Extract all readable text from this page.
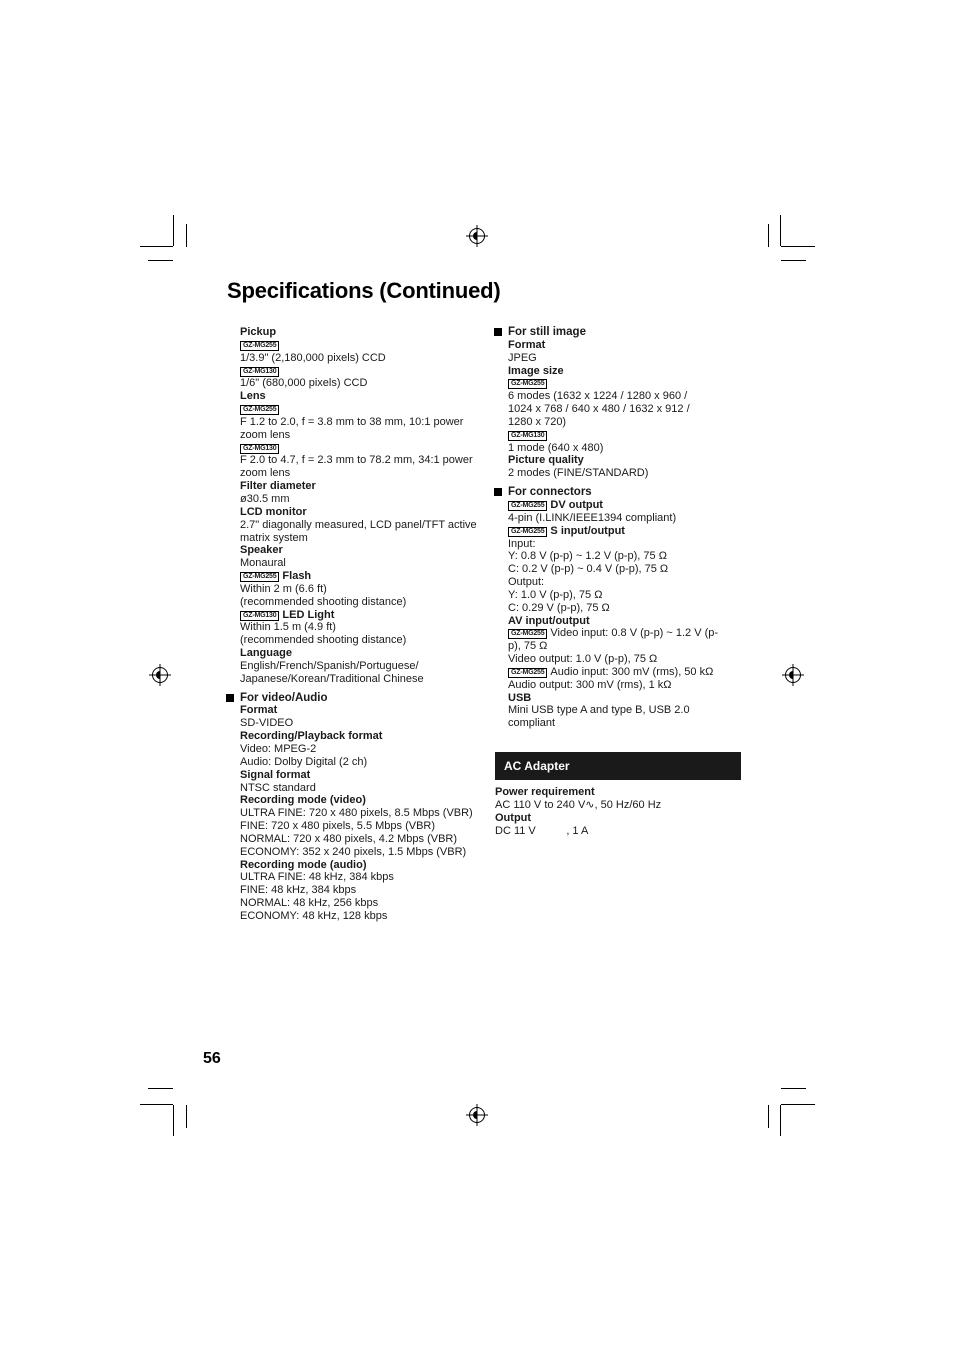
Specifications (Continued)
Pickup
GZ-MG255
1/3.9" (2,180,000 pixels) CCD
GZ-MG130
1/6" (680,000 pixels) CCD
Lens
GZ-MG255
F 1.2 to 2.0, f = 3.8 mm to 38 mm, 10:1 power zoom lens
GZ-MG130
F 2.0 to 4.7, f = 2.3 mm to 78.2 mm, 34:1 power zoom lens
Filter diameter
ø30.5 mm
LCD monitor
2.7" diagonally measured, LCD panel/TFT active matrix system
Speaker
Monaural
GZ-MG255 Flash
Within 2 m (6.6 ft)
(recommended shooting distance)
GZ-MG130 LED Light
Within 1.5 m (4.9 ft)
(recommended shooting distance)
Language
English/French/Spanish/Portuguese/
Japanese/Korean/Traditional Chinese
For video/Audio
Format
SD-VIDEO
Recording/Playback format
Video: MPEG-2
Audio: Dolby Digital (2 ch)
Signal format
NTSC standard
Recording mode (video)
ULTRA FINE: 720 x 480 pixels, 8.5 Mbps (VBR)
FINE: 720 x 480 pixels, 5.5 Mbps (VBR)
NORMAL: 720 x 480 pixels, 4.2 Mbps (VBR)
ECONOMY: 352 x 240 pixels, 1.5 Mbps (VBR)
Recording mode (audio)
ULTRA FINE: 48 kHz, 384 kbps
FINE: 48 kHz, 384 kbps
NORMAL: 48 kHz, 256 kbps
ECONOMY: 48 kHz, 128 kbps
For still image
Format
JPEG
Image size
GZ-MG255
6 modes (1632 x 1224 / 1280 x 960 / 1024 x 768 / 640 x 480 / 1632 x 912 / 1280 x 720)
GZ-MG130
1 mode (640 x 480)
Picture quality
2 modes (FINE/STANDARD)
For connectors
GZ-MG255 DV output
4-pin (I.LINK/IEEE1394 compliant)
GZ-MG255 S input/output
Input:
Y: 0.8 V (p-p) ~ 1.2 V (p-p), 75 Ω
C: 0.2 V (p-p) ~ 0.4 V (p-p), 75 Ω
Output:
Y: 1.0 V (p-p), 75 Ω
C: 0.29 V (p-p), 75 Ω
AV input/output
GZ-MG255 Video input: 0.8 V (p-p) ~ 1.2 V (p-p), 75 Ω
Video output: 1.0 V (p-p), 75 Ω
GZ-MG255 Audio input: 300 mV (rms), 50 kΩ
Audio output: 300 mV (rms), 1 kΩ
USB
Mini USB type A and type B, USB 2.0 compliant
AC Adapter
Power requirement
AC 110 V to 240 V∿, 50 Hz/60 Hz
Output
DC 11 V          , 1 A
56
